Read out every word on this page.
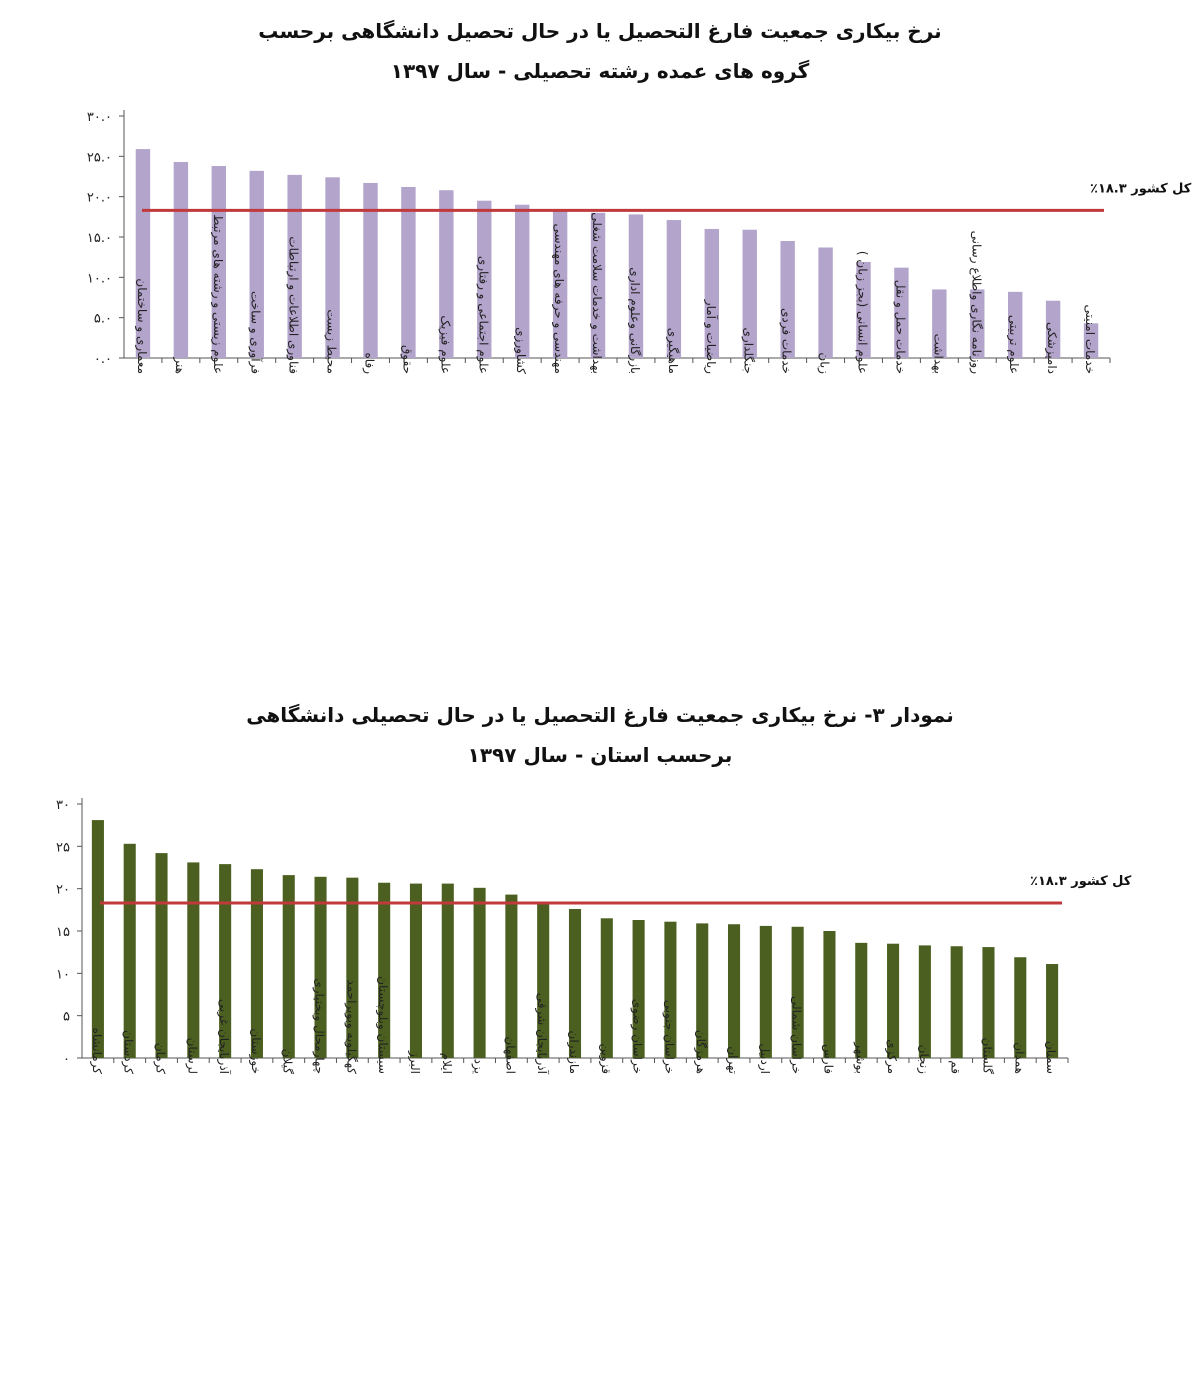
نرخ بیکاری جمعیت فارغ التحصیل یا در حال تحصیل دانشگاهی برحسب
گروه های عمده رشته تحصیلی - سال ۱۳۹۷
۰.۰
۵.۰
۱۰.۰
۱۵.۰
۲۰.۰
۲۵.۰
۳۰.۰
معماری و ساختمان هنر علوم زیستی و رشته های مرتبط فرآوری و ساخت فناوری اطلاعات و ارتباطات محیط زیست رفاه حقوق علوم فیزیک علوم اجتماعی و رفتاری کشاورزی مهندسی و حرفه های مهندسی بهداشت و خدمات سلامت شغلی بازرگانی وعلوم اداری ماهیگیری ریاضیات و آمار جنگلداری خدمات فردی زبان علوم انسانی (بجز زبان ) خدمات حمل و نقل بهداشت روزنامه نگاری واطلاع رسانی علوم تربیتی دامپزشکی خدمات امنیتی
کل کشور ۱۸.۳٪
نمودار ۳- نرخ بیکاری جمعیت فارغ التحصیل یا در حال تحصیلی دانشگاهی
برحسب استان - سال ۱۳۹۷
۰
۵
۱۰
۱۵
۲۰
۲۵
۳۰
کرمانشاه کردستان کرمان لرستان آذربایجان غربی خوزستان گیلان چهارمحال وبختیاری کهگیلویه وبویراحمد سیستان وبلوچستان البرز ایلام یزد اصفهان آذربایجان شرقی مازندران قزوین خراسان رضوی خراسان جنوبی هرمزگان تهران اردبیل خراسان شمالی فارس بوشهر مرکزی زنجان قم گلستان همدان سمنان
کل کشور ۱۸.۳٪
